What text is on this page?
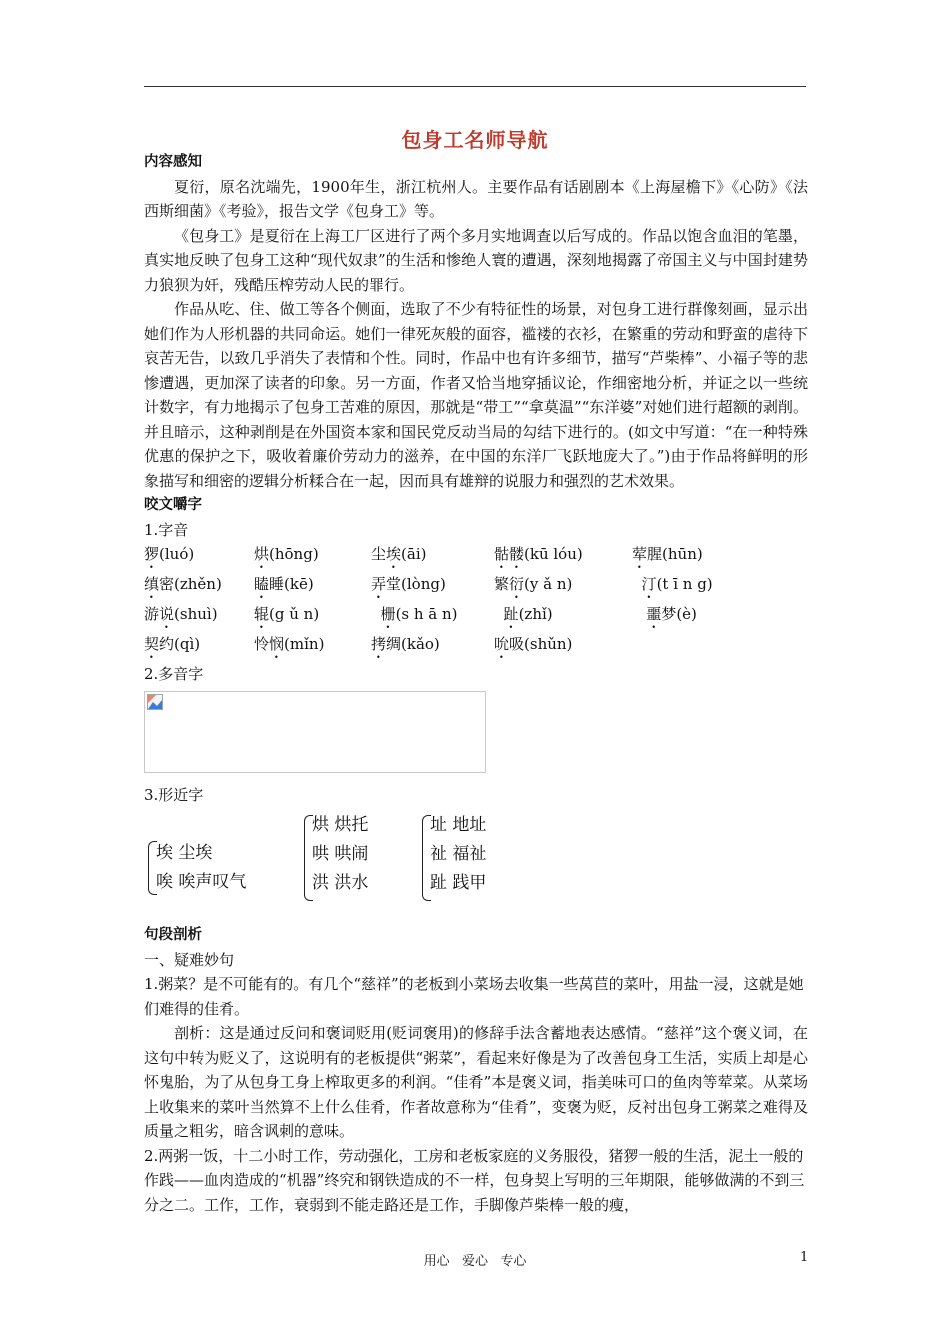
包身工名师导航
内容感知

夏衍，原名沈端先，1900年生，浙江杭州人。主要作品有话剧剧本《上海屋檐下》《心防》《法西斯细菌》《考验》，报告文学《包身工》等。

《包身工》是夏衍在上海工厂区进行了两个多月实地调查以后写成的。作品以饱含血泪的笔墨，真实地反映了包身工这种“现代奴隶”的生活和惨绝人寰的遭遇，深刻地揭露了帝国主义与中国封建势力狼狈为奸，残酷压榨劳动人民的罪行。

作品从吃、住、做工等各个侧面，选取了不少有特征性的场景，对包身工进行群像刻画，显示出她们作为人形机器的共同命运。她们一律死灰般的面容，褴褛的衣衫，在繁重的劳动和野蛮的虐待下哀苦无告，以致几乎消失了表情和个性。同时，作品中也有许多细节，描写“芦柴棒”、小福子等的悲惨遭遇，更加深了读者的印象。另一方面，作者又恰当地穿插议论，作细密地分析，并证之以一些统计数字，有力地揭示了包身工苦难的原因，那就是“带工”“拿莫温”“东洋婆”对她们进行超额的剥削。并且暗示，这种剥削是在外国资本家和国民党反动当局的勾结下进行的。(如文中写道：“在一种特殊优惠的保护之下，吸收着廉价劳动力的滋养，在中国的东洋厂飞跃地庞大了。”)由于作品将鲜明的形象描写和细密的逻辑分析糅合在一起，因而具有雄辩的说服力和强烈的艺术效果。

咬文嚼字
1.字音
猡(luó)	烘(hōng)	尘埃(āi)	骷髅(kū lóu)	荤腥(hūn)
缜密(zhěn)	瞌睡(kē)	弄堂(lòng)	繁衍(y ǎ n)	汀(t ī n g)
游说(shuì)	辊(g ǔ n)	栅(s h ā n)	趾(zhǐ)	噩梦(è)
契约(qì)	怜悯(mǐn)	拷绸(kǎo)	吮吸(shǔn)
2.多音字
3.形近字
埃 尘埃
唉 唉声叹气
烘 烘托
哄 哄闹
洪 洪水
址 地址
祉 福祉
趾 践甲
句段剖析
一、疑难妙句

1.粥菜？是不可能有的。有几个“慈祥”的老板到小菜场去收集一些莴苣的菜叶，用盐一浸，这就是她们难得的佳肴。

剖析：这是通过反问和褒词贬用(贬词褒用)的修辞手法含蓄地表达感情。“慈祥”这个褒义词，在这句中转为贬义了，这说明有的老板提供“粥菜”，看起来好像是为了改善包身工生活，实质上却是心怀鬼胎，为了从包身工身上榨取更多的利润。“佳肴”本是褒义词，指美味可口的鱼肉等荤菜。从菜场上收集来的菜叶当然算不上什么佳肴，作者故意称为“佳肴”，变褒为贬，反衬出包身工粥菜之难得及质量之粗劣，暗含讽刺的意味。

2.两粥一饭，十二小时工作，劳动强化，工房和老板家庭的义务服役，猪猡一般的生活，泥土一般的作践——血肉造成的“机器”终究和钢铁造成的不一样，包身契上写明的三年期限，能够做满的不到三分之二。工作，工作，衰弱到不能走路还是工作，手脚像芦柴棒一般的瘦，

用心   爱心   专心	1
